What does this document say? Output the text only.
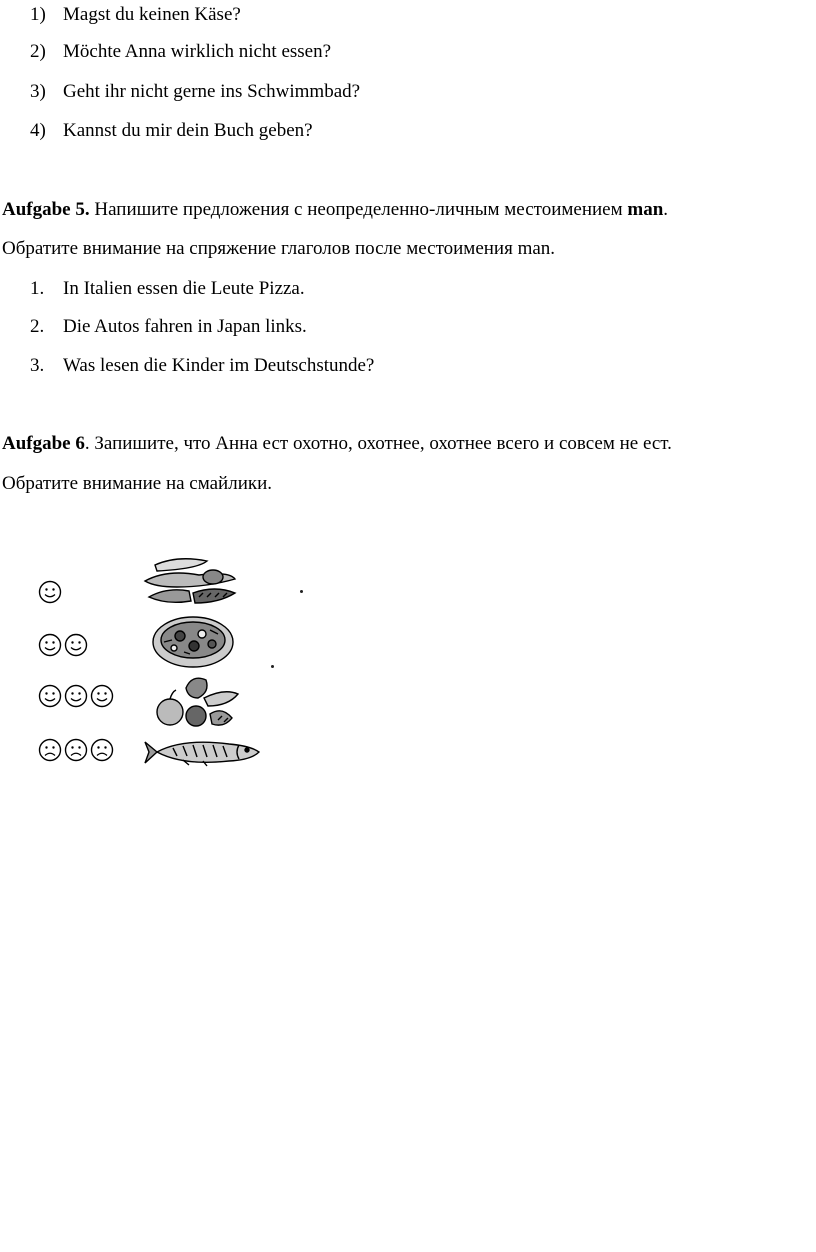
1) Magst du keinen Käse?
2) Möchte Anna wirklich nicht essen?
3) Geht ihr nicht gerne ins Schwimmbad?
4) Kannst du mir dein Buch geben?
Aufgabe 5. Напишите предложения с неопределенно-личным местоимением man.
Обратите внимание на спряжение глаголов после местоимения man.
1. In Italien essen die Leute Pizza.
2. Die Autos fahren in Japan links.
3. Was lesen die Kinder im Deutschstunde?
Aufgabe 6. Запишите, что Анна ест охотно, охотнее, охотнее всего и совсем не ест.
Обратите внимание на смайлики.
